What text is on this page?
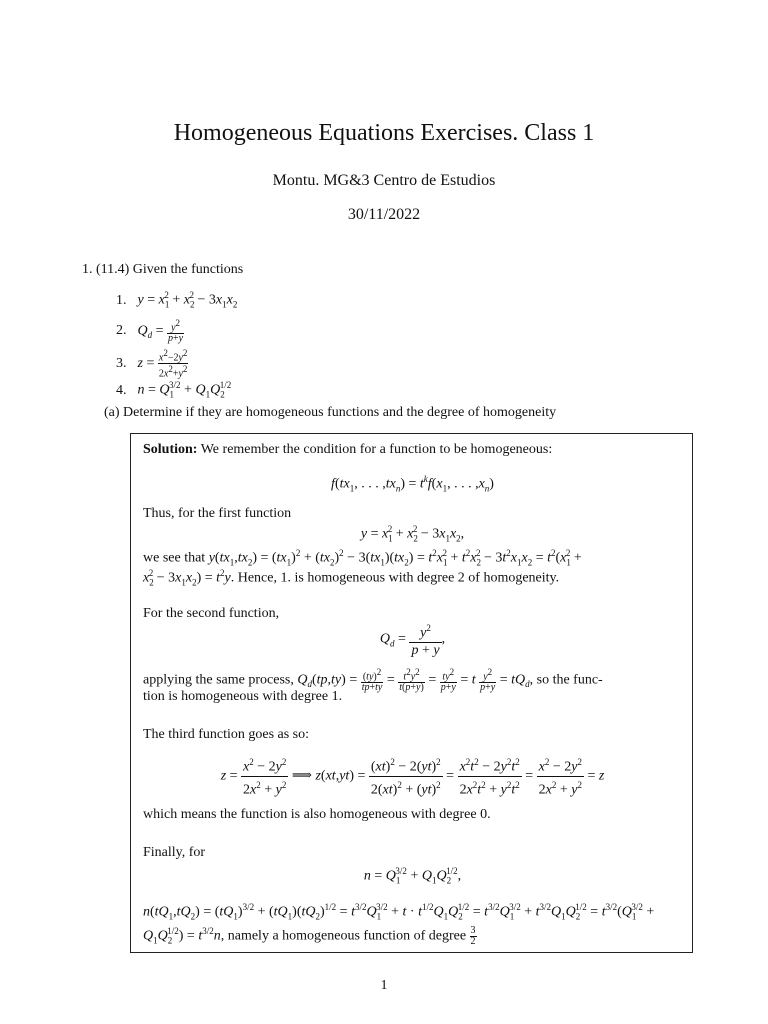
Homogeneous Equations Exercises. Class 1
Montu. MG&3 Centro de Estudios
30/11/2022
1. (11.4) Given the functions
1. $y = x_1^2 + x_2^2 - 3x_1x_2$
2. $Q_d = \frac{y^2}{p+y}$
3. $z = \frac{x^2-2y^2}{2x^2+y^2}$
4. $n = Q_1^{3/2} + Q_1Q_2^{1/2}$
(a) Determine if they are homogeneous functions and the degree of homogeneity
Solution: We remember the condition for a function to be homogeneous:
$f(tx_1$, . . . $,tx_n) = t^kf(x_1$, . . . $,x_n$)
Thus, for the first function
$y = x_1^2 + x_2^2 - 3x_1x_2$,
we see that $y(tx_1,tx_2) = (tx_1)^2 + (tx_2)^2 - 3(tx_1)(tx_2) = t^2x_1^2 + t^2x_2^2 - 3t^2x_1x_2 = t^2(x_1^2$ +
$x_2^2 - 3x_1x_2) = t^2y$. Hence, 1. is homogeneous with degree 2 of homogeneity.
For the second function,
$Q_d = \frac{y^2}{p + y}$ ,
applying the same process, $Q_d(tp,ty) = \frac{(ty)^2}{tp+ty} = \frac{t^2y^2}{t(p+y)} = \frac{ty^2}{p+y} = t \frac{y^2}{p+y} = tQ_d$, so the func-
tion is homogeneous with degree 1.
The third function goes as so:
$z = \frac{x^2 - 2y^2}{2x^2 + y^2}$ ⟹ $z(xt,yt) = \frac{(xt)^2 - 2(yt)^2}{2(xt)^2 + (yt)^2} = \frac{x^2t^2 - 2y^2t^2}{2x^2t^2 + y^2t^2} = \frac{x^2 - 2y^2}{2x^2 + y^2} = z$
which means the function is also homogeneous with degree 0.
Finally, for
$n = Q_1^{3/2} + Q_1Q_2^{1/2}$,
$n(tQ_1,tQ_2) = (tQ_1)^{3/2} + (tQ_1)(tQ_2)^{1/2} = t^{3/2}Q_1^{3/2} + t \cdot t^{1/2}Q_1Q_2^{1/2} = t^{3/2}Q_1^{3/2} + t^{3/2}Q_1Q_2^{1/2} = t^{3/2}(Q_1^{3/2}$ +
$Q_1Q_2^{1/2}) = t^{3/2}n$, namely a homogeneous function of degree $\frac{3}{2}$
1
